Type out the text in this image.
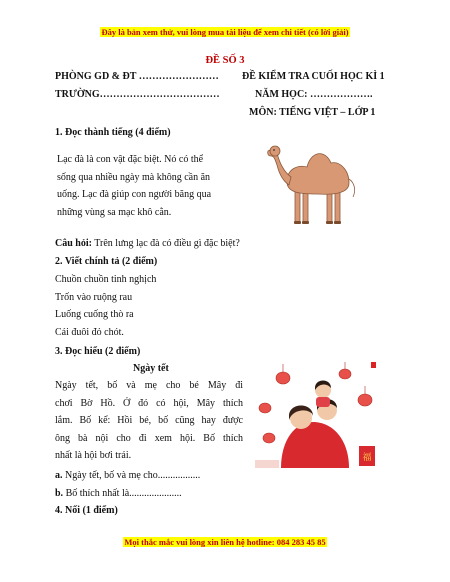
Đây là bản xem thử, vui lòng mua tài liệu để xem chi tiết (có lời giải)
ĐỀ SỐ 3
PHÒNG GD & ĐT ……………………
TRƯỜNG………………………………
ĐỀ KIỂM TRA CUỐI HỌC KÌ 1
NĂM HỌC: ……………….
MÔN: TIẾNG VIỆT – LỚP 1
1. Đọc thành tiếng (4 điểm)
Lạc đà là con vật đặc biệt. Nó có thể
sống qua nhiều ngày mà không cần ăn
uống. Lạc đà giúp con người băng qua
những vùng sa mạc khô cằn.
Câu hỏi: Trên lưng lạc đà có điều gì đặc biệt?
2. Viết chính tả (2 điểm)
Chuồn chuồn tinh nghịch
Trốn vào ruộng rau
Luống cuống thò ra
Cái đuôi đỏ chót.
3. Đọc hiểu (2 điểm)
Ngày tết
Ngày tết, bố và mẹ cho bé Mây đi
chơi Bờ Hồ. Ở đó có hội, Mây thích
lắm. Bố kể: Hồi bé, bố cũng hay được
ông bà nội cho đi xem hội. Bố thích
nhất là hội bơi trải.	福
a. Ngày tết, bố và mẹ cho.................
b. Bố thích nhất là.....................
4. Nối (1 điểm)
Mọi thắc mắc vui lòng xin liên hệ hotline: 084 283 45 85
